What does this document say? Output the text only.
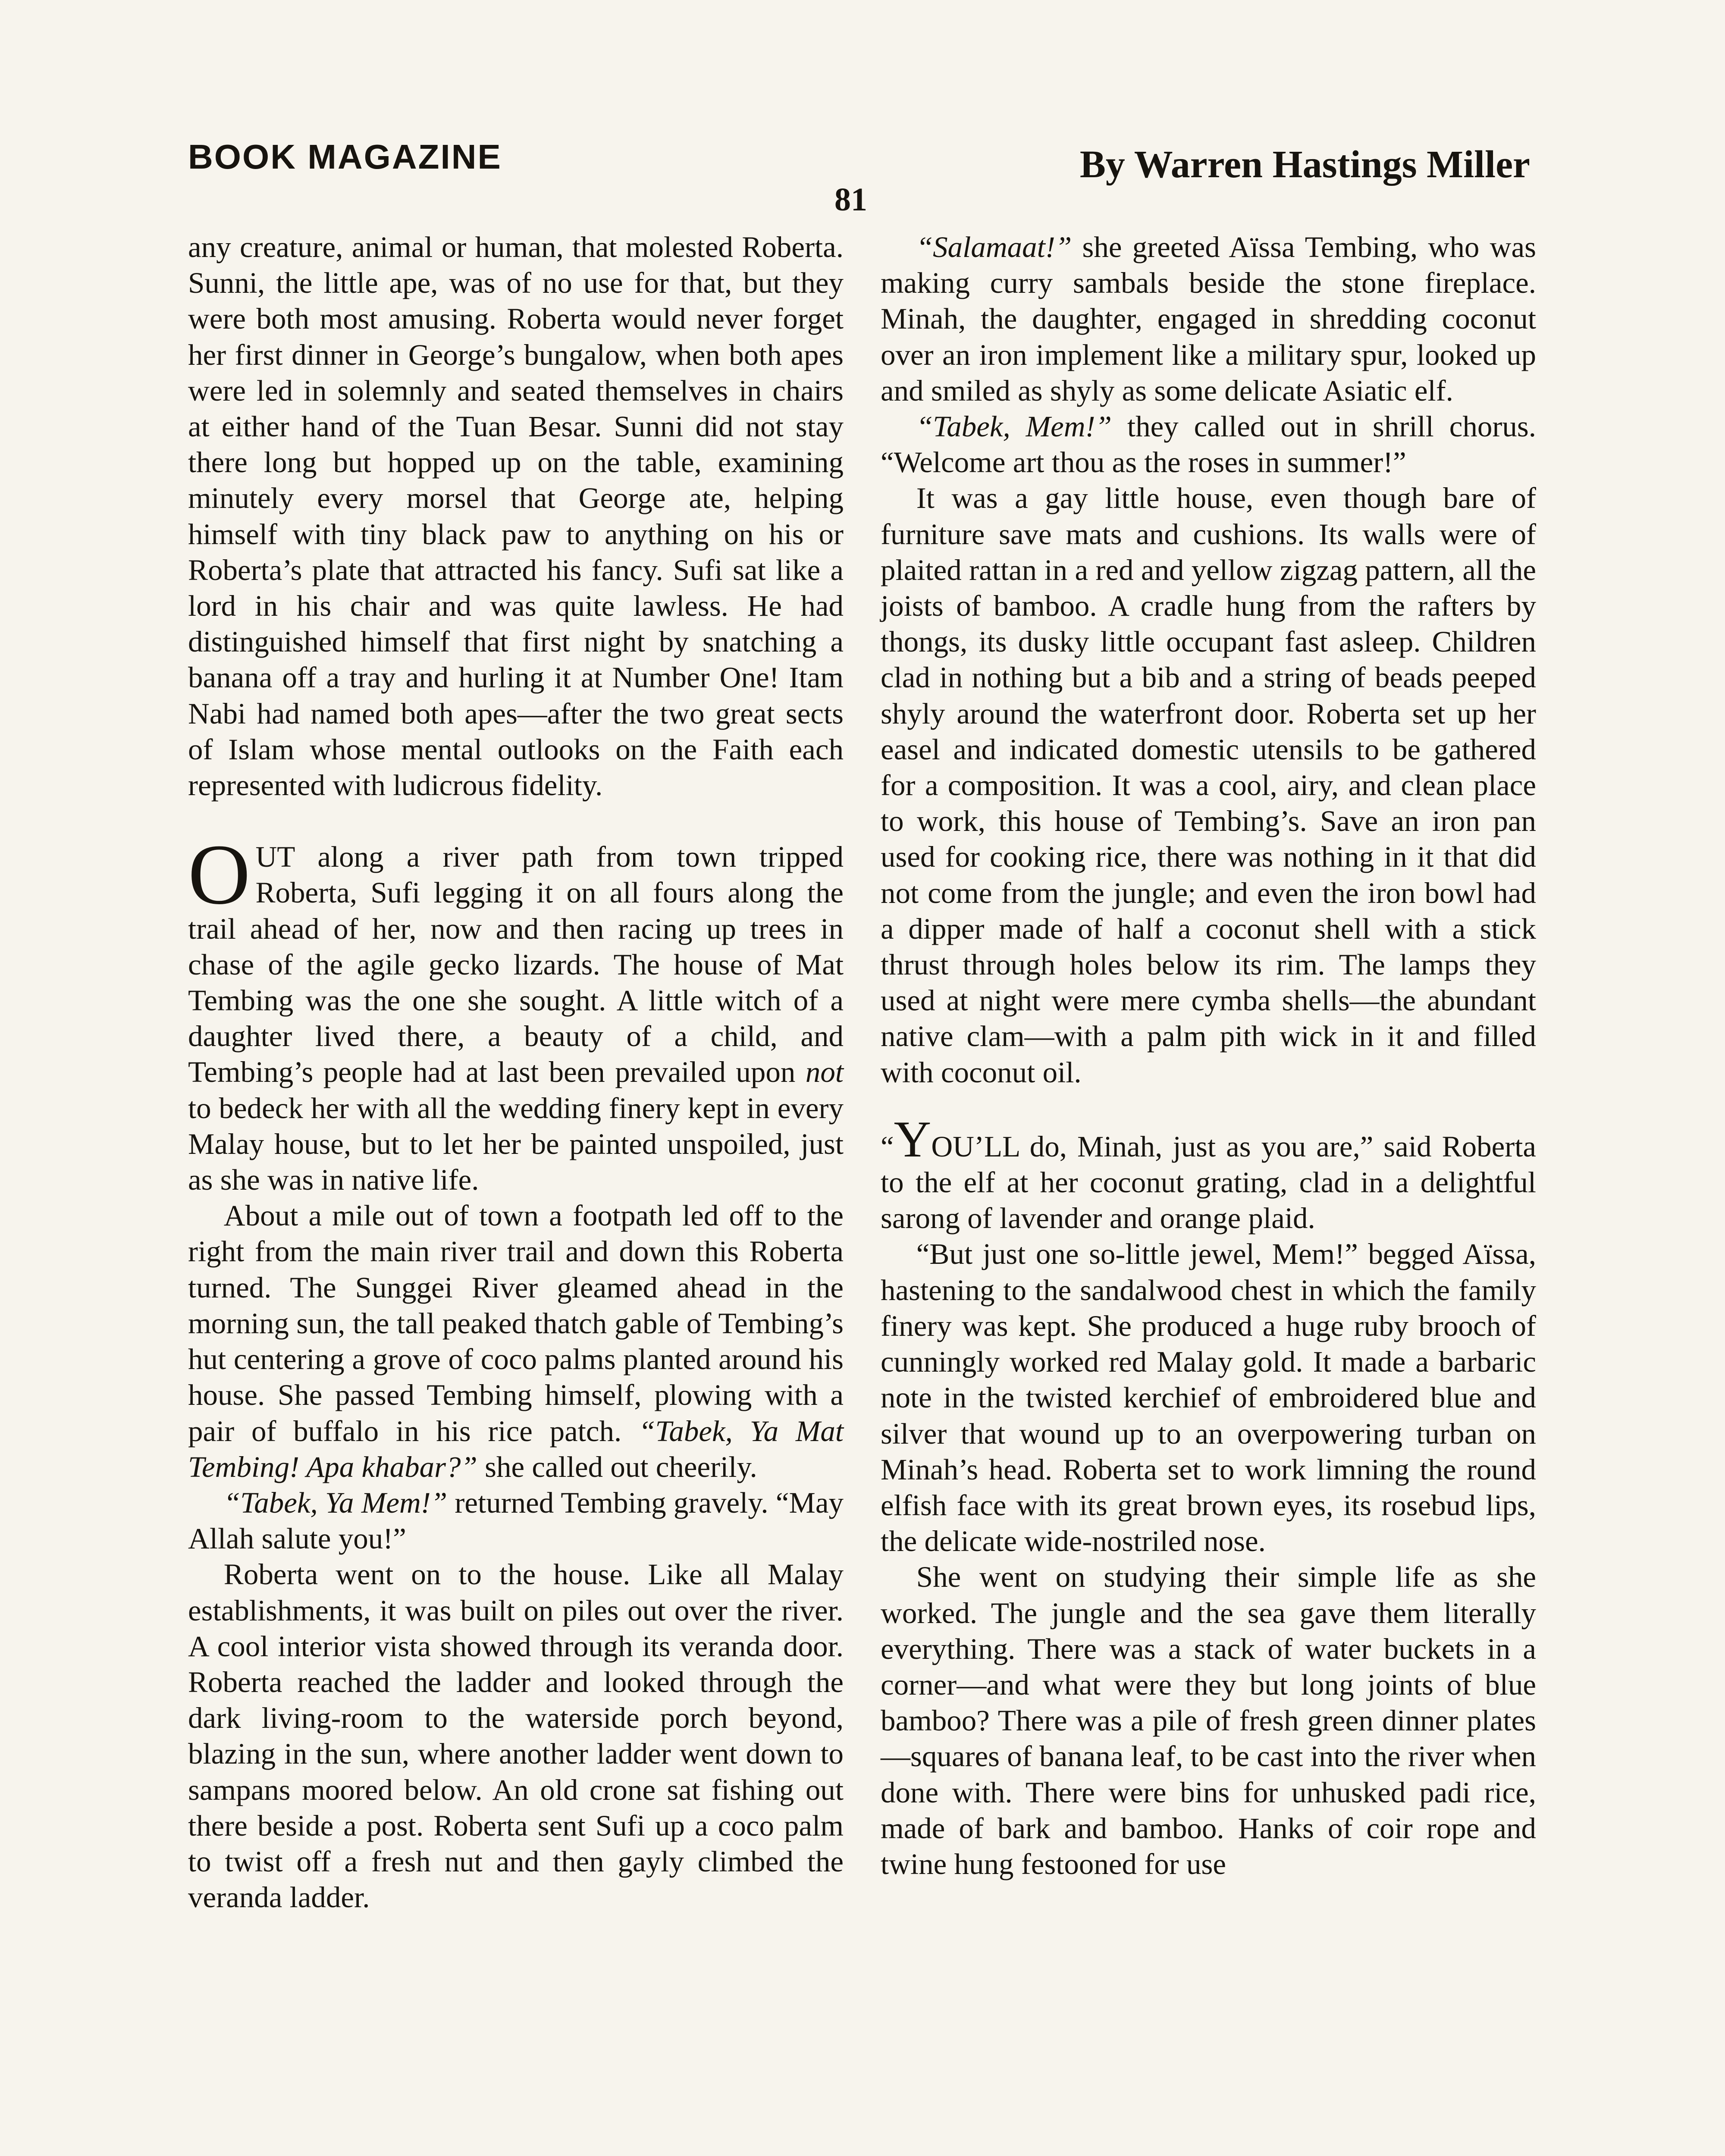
BOOK MAGAZINE	By Warren Hastings Miller
81

any creature, animal or human, that molested Roberta. Sunni, the little ape, was of no use for that, but they were both most amusing. Roberta would never forget her first dinner in George’s bungalow, when both apes were led in solemnly and seated themselves in chairs at either hand of the Tuan Besar. Sunni did not stay there long but hopped up on the table, examining minutely every morsel that George ate, helping himself with tiny black paw to anything on his or Roberta’s plate that attracted his fancy. Sufi sat like a lord in his chair and was quite lawless. He had distinguished himself that first night by snatching a banana off a tray and hurling it at Number One! Itam Nabi had named both apes—after the two great sects of Islam whose mental outlooks on the Faith each represented with ludicrous fidelity.

OUT along a river path from town tripped Roberta, Sufi legging it on all fours along the trail ahead of her, now and then racing up trees in chase of the agile gecko lizards. The house of Mat Tembing was the one she sought. A little witch of a daughter lived there, a beauty of a child, and Tembing’s people had at last been prevailed upon not to bedeck her with all the wedding finery kept in every Malay house, but to let her be painted unspoiled, just as she was in native life.

About a mile out of town a footpath led off to the right from the main river trail and down this Roberta turned. The Sunggei River gleamed ahead in the morning sun, the tall peaked thatch gable of Tembing’s hut centering a grove of coco palms planted around his house. She passed Tembing himself, plowing with a pair of buffalo in his rice patch. “Tabek, Ya Mat Tembing! Apa khabar?” she called out cheerily.

“Tabek, Ya Mem!” returned Tembing gravely. “May Allah salute you!”

Roberta went on to the house. Like all Malay establishments, it was built on piles out over the river. A cool interior vista showed through its veranda door. Roberta reached the ladder and looked through the dark living-room to the waterside porch beyond, blazing in the sun, where another ladder went down to sampans moored below. An old crone sat fishing out there beside a post. Roberta sent Sufi up a coco palm to twist off a fresh nut and then gayly climbed the veranda ladder.

“Salamaat!” she greeted Aïssa Tembing, who was making curry sambals beside the stone fireplace. Minah, the daughter, engaged in shredding coconut over an iron implement like a military spur, looked up and smiled as shyly as some delicate Asiatic elf.

“Tabek, Mem!” they called out in shrill chorus. “Welcome art thou as the roses in summer!”

It was a gay little house, even though bare of furniture save mats and cushions. Its walls were of plaited rattan in a red and yellow zigzag pattern, all the joists of bamboo. A cradle hung from the rafters by thongs, its dusky little occupant fast asleep. Children clad in nothing but a bib and a string of beads peeped shyly around the waterfront door. Roberta set up her easel and indicated domestic utensils to be gathered for a composition. It was a cool, airy, and clean place to work, this house of Tembing’s. Save an iron pan used for cooking rice, there was nothing in it that did not come from the jungle; and even the iron bowl had a dipper made of half a coconut shell with a stick thrust through holes below its rim. The lamps they used at night were mere cymba shells—the abundant native clam—with a palm pith wick in it and filled with coconut oil.

“YOU’LL do, Minah, just as you are,” said Roberta to the elf at her coconut grating, clad in a delightful sarong of lavender and orange plaid.

“But just one so-little jewel, Mem!” begged Aïssa, hastening to the sandalwood chest in which the family finery was kept. She produced a huge ruby brooch of cunningly worked red Malay gold. It made a barbaric note in the twisted kerchief of embroidered blue and silver that wound up to an overpowering turban on Minah’s head. Roberta set to work limning the round elfish face with its great brown eyes, its rosebud lips, the delicate wide-nostriled nose.

She went on studying their simple life as she worked. The jungle and the sea gave them literally everything. There was a stack of water buckets in a corner—and what were they but long joints of blue bamboo? There was a pile of fresh green dinner plates—squares of banana leaf, to be cast into the river when done with. There were bins for unhusked padi rice, made of bark and bamboo. Hanks of coir rope and twine hung festooned for use
